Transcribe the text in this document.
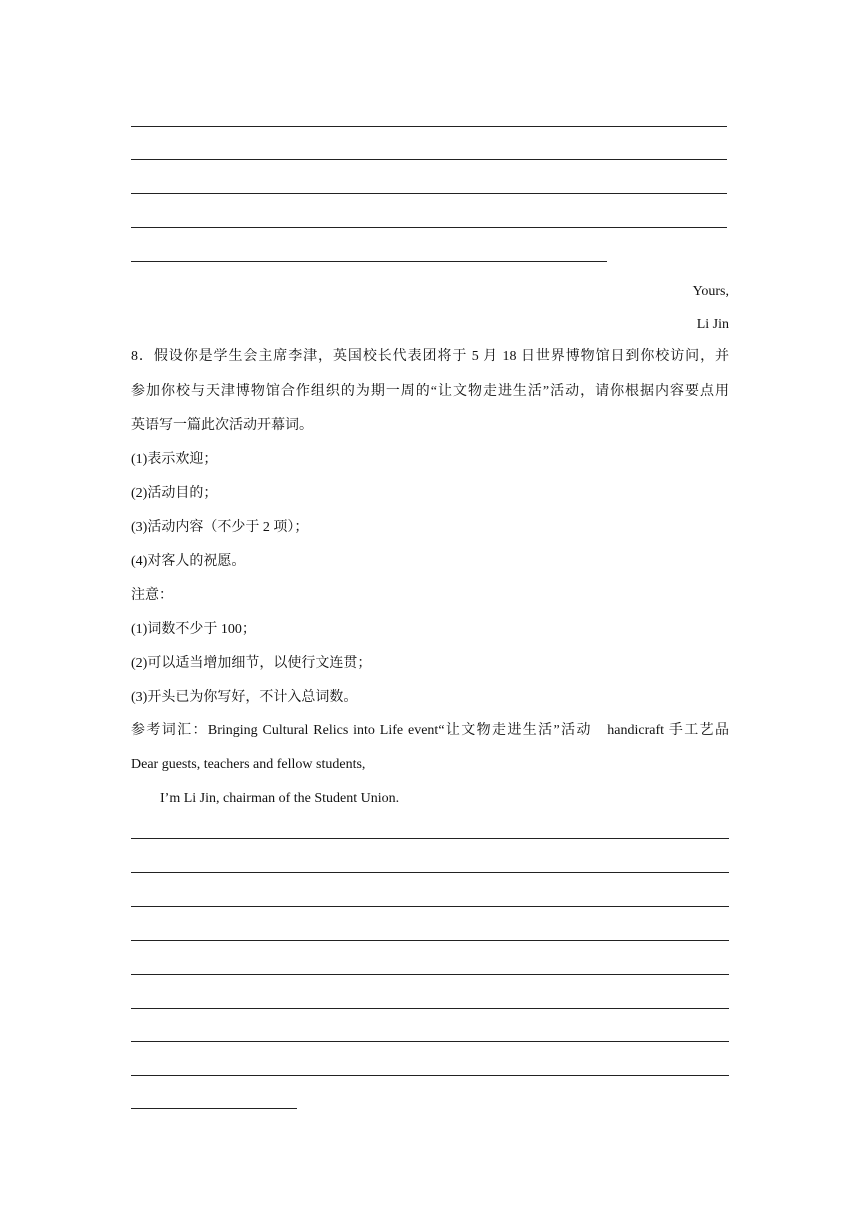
Yours,
Li Jin
8．假设你是学生会主席李津，英国校长代表团将于 5 月 18 日世界博物馆日到你校访问，并
参加你校与天津博物馆合作组织的为期一周的“让文物走进生活”活动，请你根据内容要点用
英语写一篇此次活动开幕词。
(1)表示欢迎；
(2)活动目的；
(3)活动内容（不少于 2 项）；
(4)对客人的祝愿。
注意：
(1)词数不少于 100；
(2)可以适当增加细节，以使行文连贯；
(3)开头已为你写好，不计入总词数。
参考词汇：Bringing Cultural Relics into Life event“让文物走进生活”活动　handicraft 手工艺品
Dear guests, teachers and fellow students,
I’m Li Jin, chairman of the Student Union.
